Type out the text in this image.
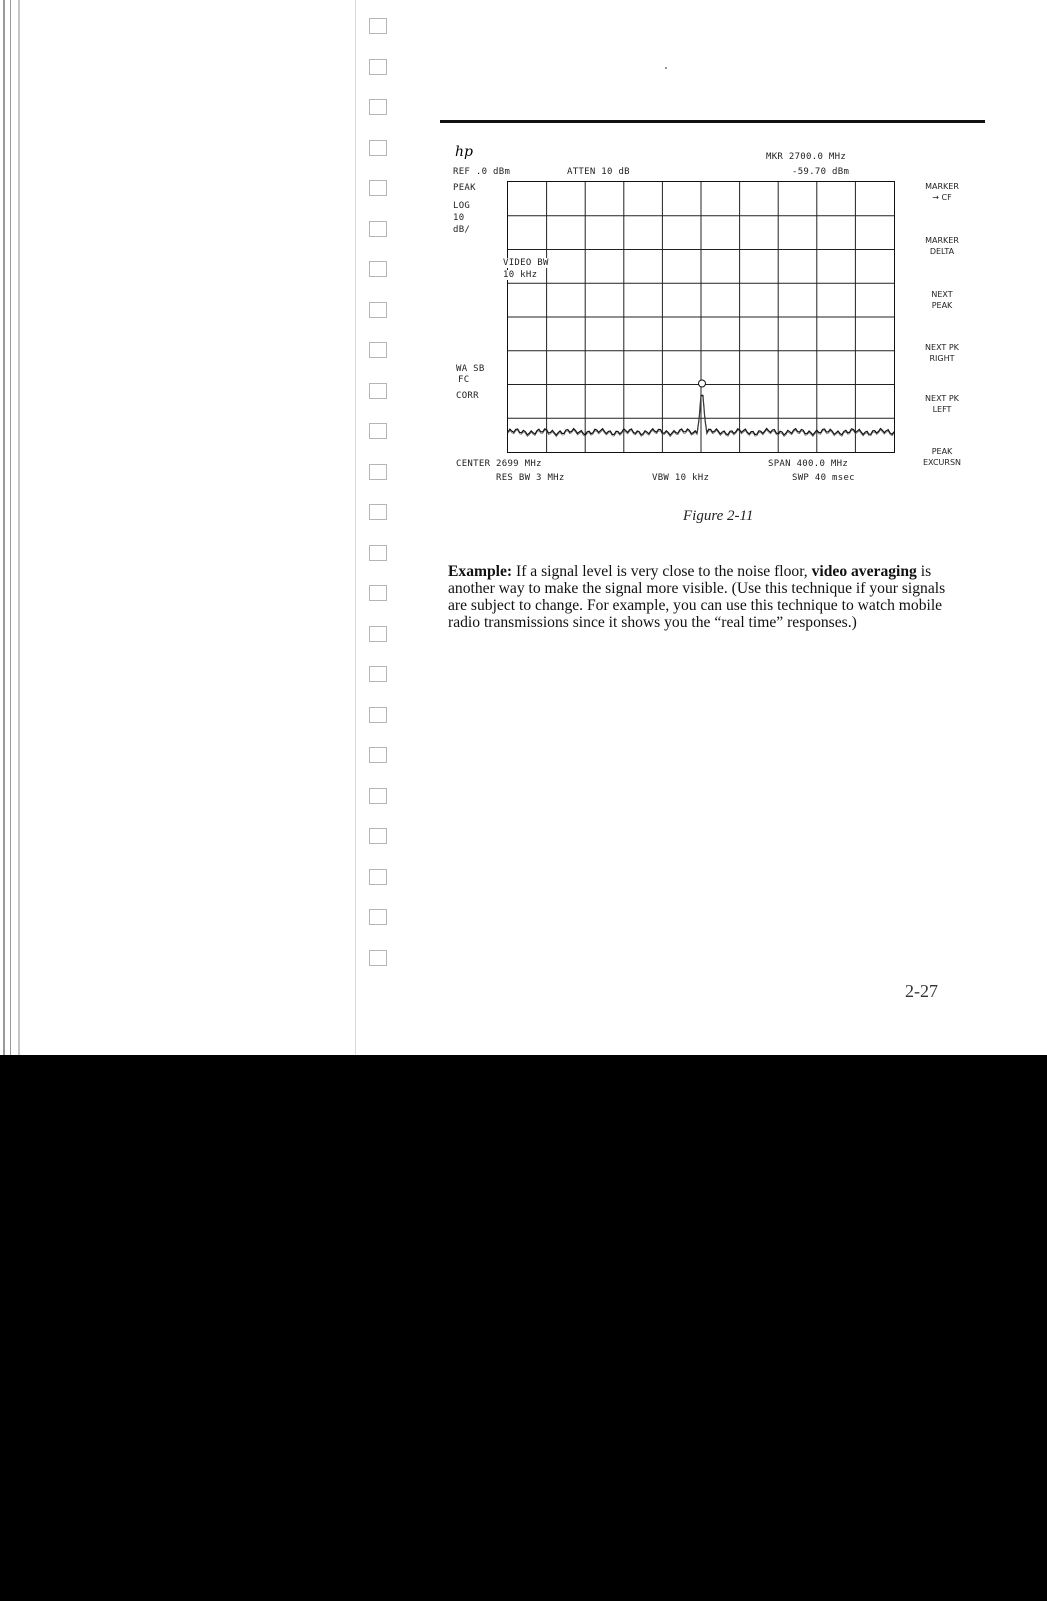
hp	MKR 2700.0 MHz
REF .0 dBm	ATTEN 10 dB	-59.70 dBm
PEAK
LOG
10
dB/
WA SB
FC
CORR
VIDEO BW
10 kHz
MARKER
→ CF
MARKER
DELTA
NEXT
PEAK
NEXT PK
RIGHT
NEXT PK
LEFT
PEAK
EXCURSN
CENTER 2699 MHz	SPAN 400.0 MHz
RES BW 3 MHz	VBW 10 kHz	SWP 40 msec
Figure 2-11
Example: If a signal level is very close to the noise floor, video averaging is another way to make the signal more visible. (Use this technique if your signals are subject to change. For example, you can use this technique to watch mobile radio transmissions since it shows you the “real time” responses.)
2-27
